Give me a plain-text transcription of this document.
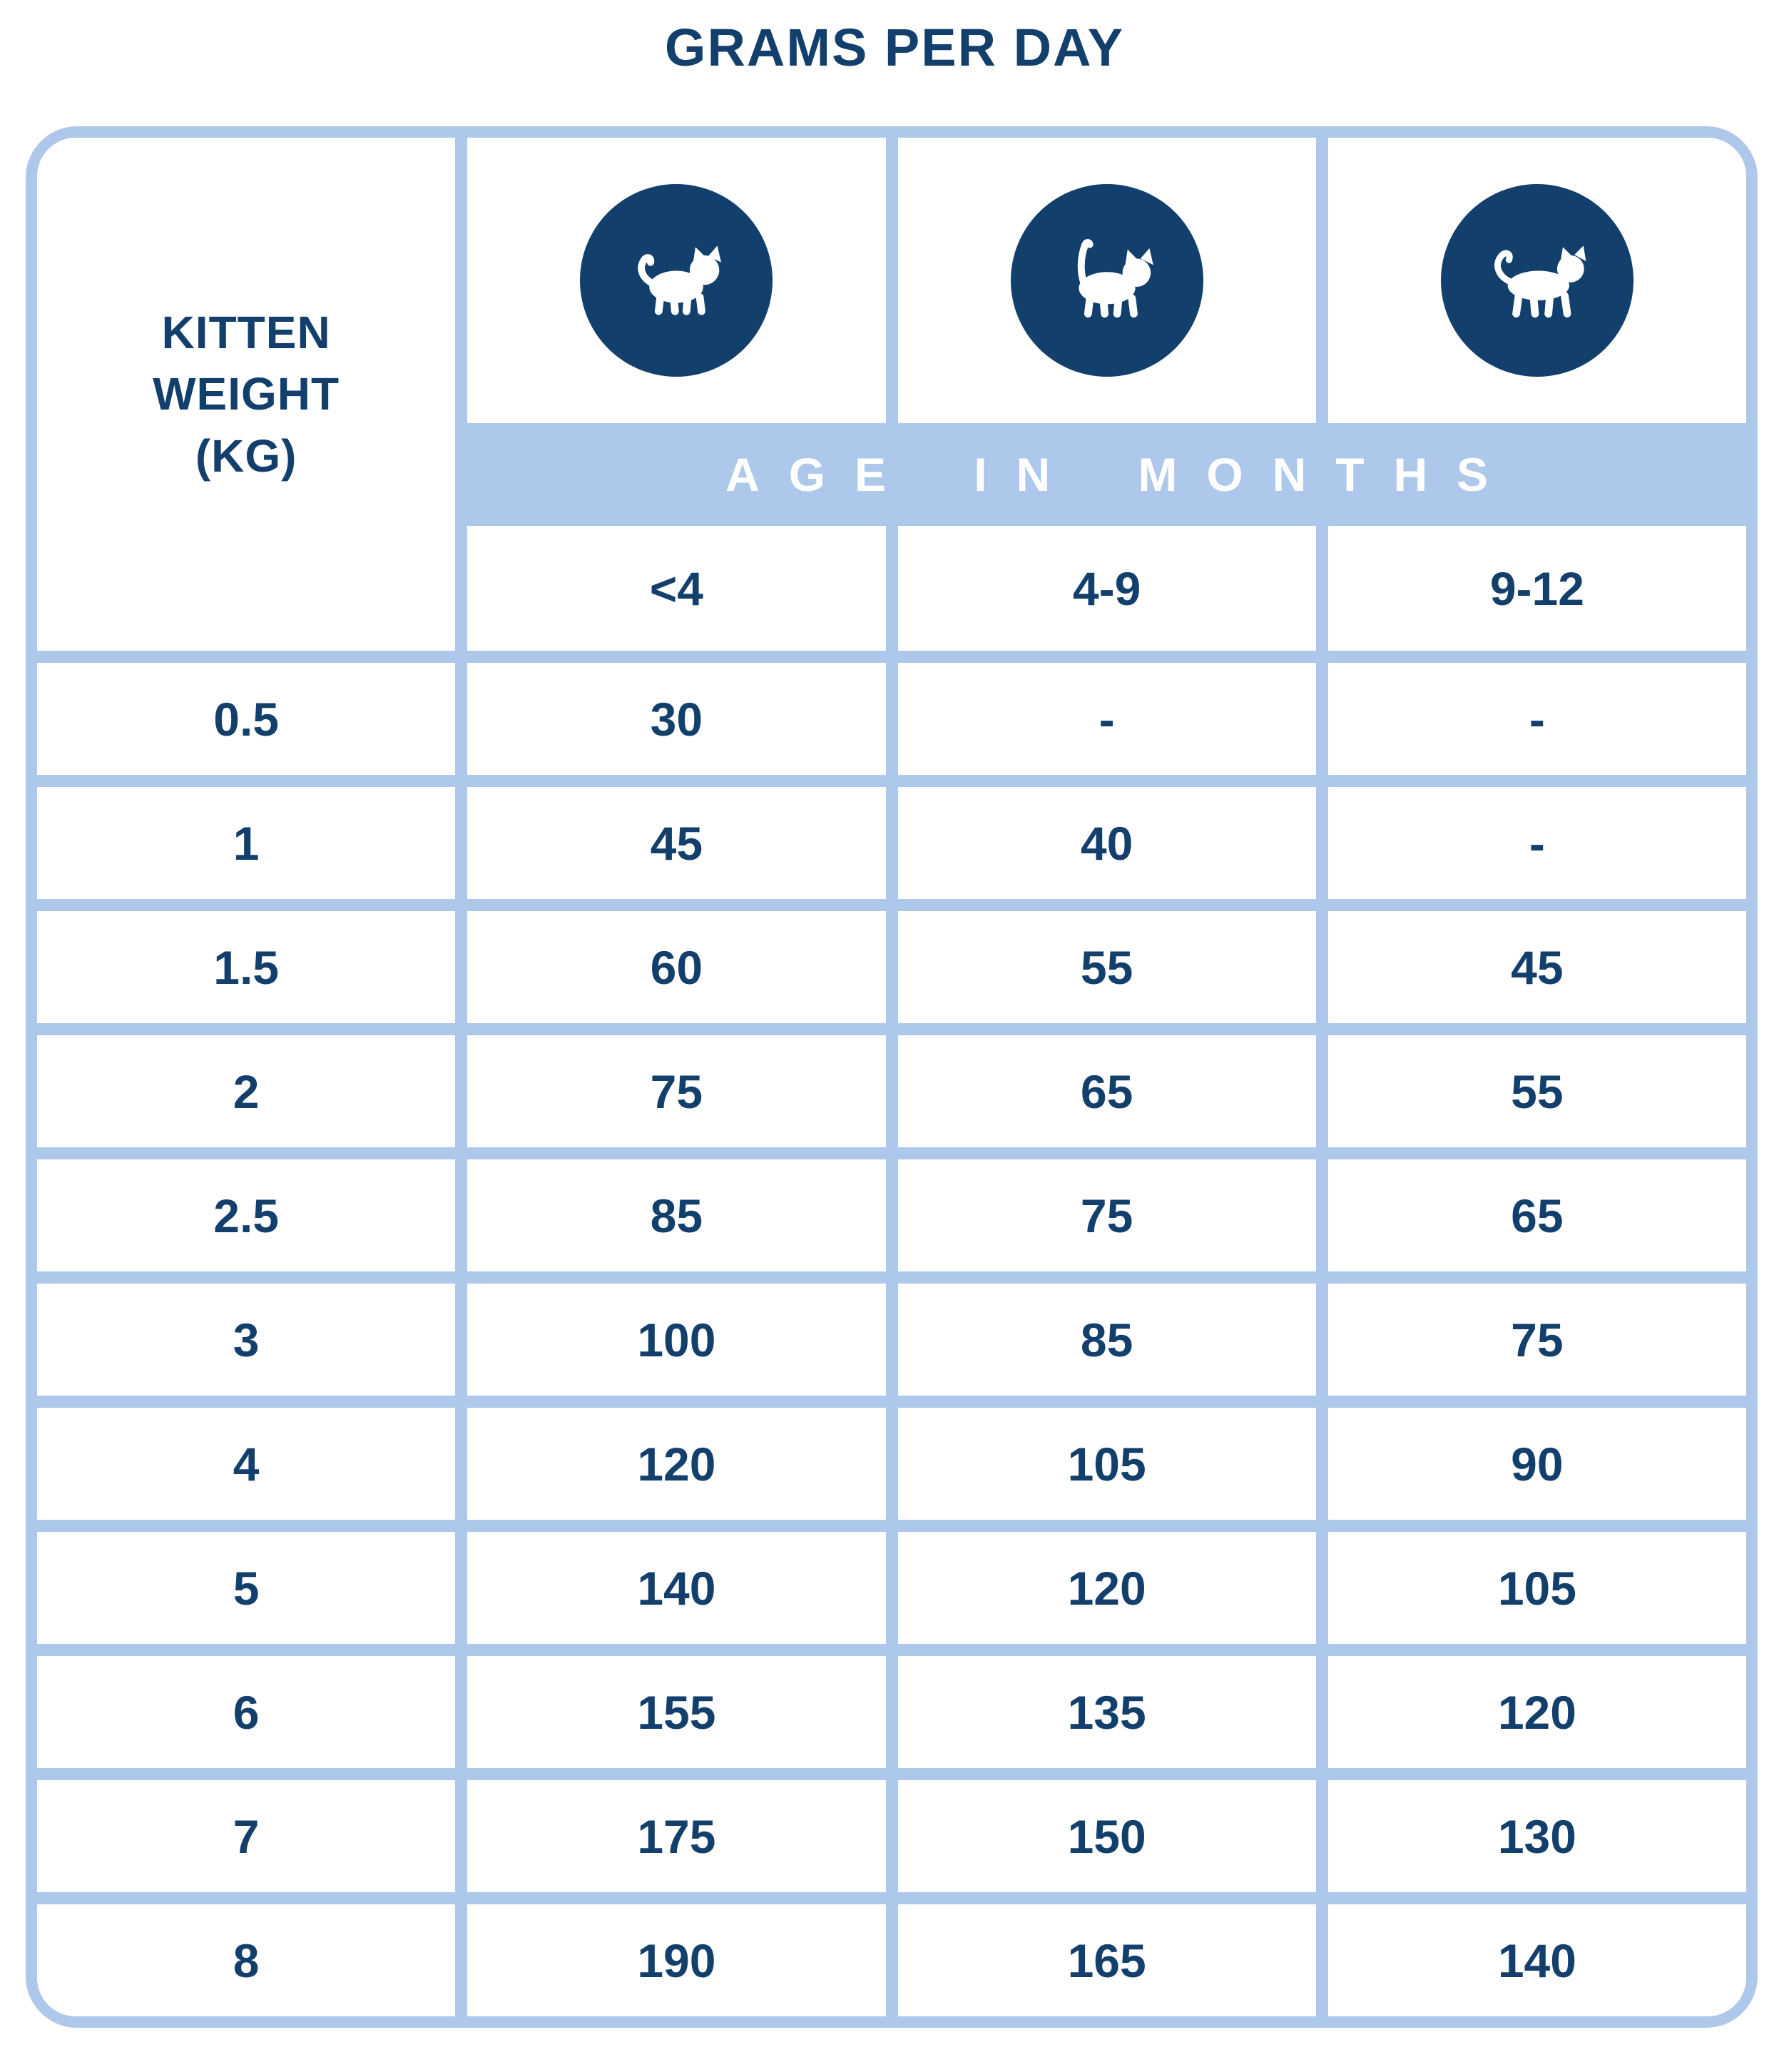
GRAMS PER DAY
KITTEN
WEIGHT
(KG)	AGE IN MONTHS
<4	4-9	9-12
0.5	30	-	-
1	45	40	-
1.5	60	55	45
2	75	65	55
2.5	85	75	65
3	100	85	75
4	120	105	90
5	140	120	105
6	155	135	120
7	175	150	130
8	190	165	140
